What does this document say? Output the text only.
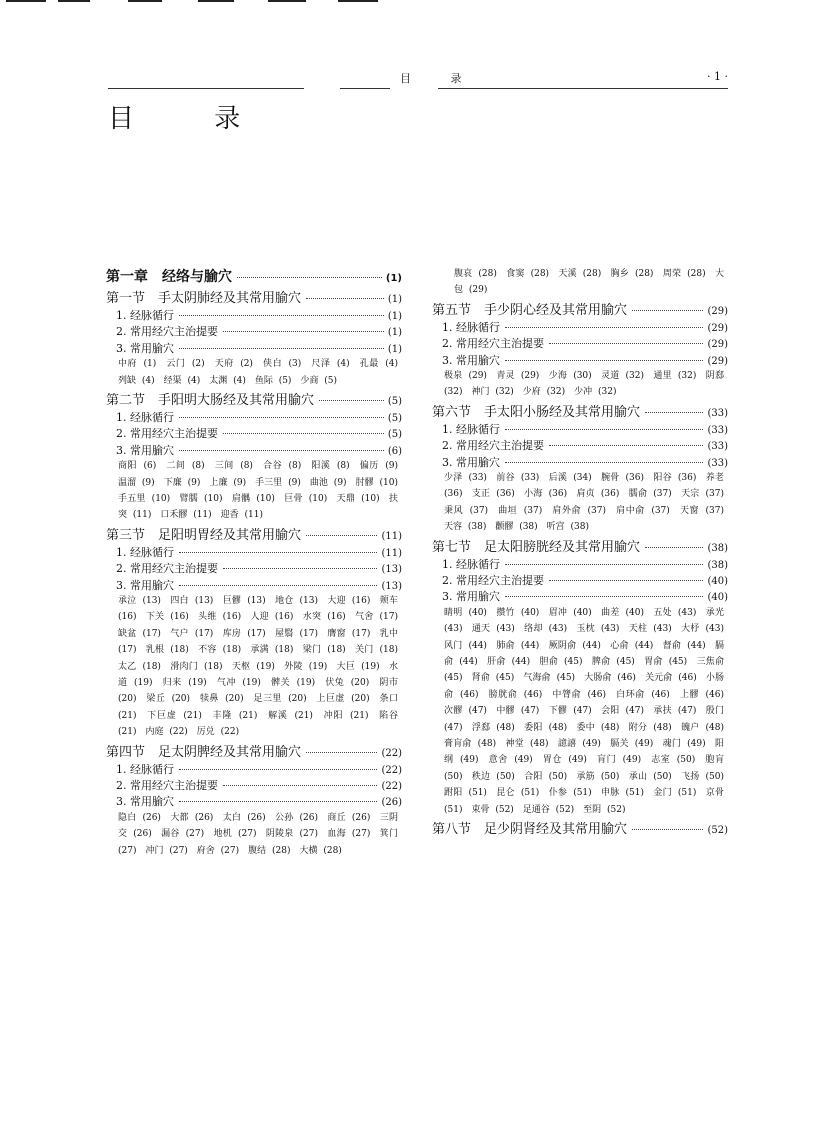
目 录	· 1 ·
目 录
第一章　经络与腧穴	(1)
第一节　手太阴肺经及其常用腧穴	(1)
1. 经脉循行	(1)
2. 常用经穴主治提要	(1)
3. 常用腧穴	(1)
中府 (1)　云门 (2)　天府 (2)　侠白 (3)　尺泽 (4)　孔最 (4)　列缺 (4)　经渠 (4)　太渊 (4)　鱼际 (5)　少商 (5)
第二节　手阳明大肠经及其常用腧穴	(5)
1. 经脉循行	(5)
2. 常用经穴主治提要	(5)
3. 常用腧穴	(6)
商阳 (6)　二间 (8)　三间 (8)　合谷 (8)　阳溪 (8)　偏历 (9)　温溜 (9)　下廉 (9)　上廉 (9)　手三里 (9)　曲池 (9)　肘髎 (10)　手五里 (10)　臂臑 (10)　肩髃 (10)　巨骨 (10)　天鼎 (10)　扶突 (11)　口禾髎 (11)　迎香 (11)
第三节　足阳明胃经及其常用腧穴	(11)
1. 经脉循行	(11)
2. 常用经穴主治提要	(13)
3. 常用腧穴	(13)
承泣 (13)　四白 (13)　巨髎 (13)　地仓 (13)　大迎 (16)　颊车 (16)　下关 (16)　头维 (16)　人迎 (16)　水突 (16)　气舍 (17)　缺盆 (17)　气户 (17)　库房 (17)　屋翳 (17)　膺窗 (17)　乳中 (17)　乳根 (18)　不容 (18)　承满 (18)　梁门 (18)　关门 (18)　太乙 (18)　滑肉门 (18)　天枢 (19)　外陵 (19)　大巨 (19)　水道 (19)　归来 (19)　气冲 (19)　髀关 (19)　伏兔 (20)　阴市 (20)　梁丘 (20)　犊鼻 (20)　足三里 (20)　上巨虚 (20)　条口 (21)　下巨虚 (21)　丰隆 (21)　解溪 (21)　冲阳 (21)　陷谷 (21)　内庭 (22)　厉兑 (22)
第四节　足太阴脾经及其常用腧穴	(22)
1. 经脉循行	(22)
2. 常用经穴主治提要	(22)
3. 常用腧穴	(26)
隐白 (26)　大都 (26)　太白 (26)　公孙 (26)　商丘 (26)　三阴交 (26)　漏谷 (27)　地机 (27)　阴陵泉 (27)　血海 (27)　箕门 (27)　冲门 (27)　府舍 (27)　腹结 (28)　大横 (28)
腹哀 (28)　食窦 (28)　天溪 (28)　胸乡 (28)　周荣 (28)　大包 (29)
第五节　手少阴心经及其常用腧穴	(29)
1. 经脉循行	(29)
2. 常用经穴主治提要	(29)
3. 常用腧穴	(29)
极泉 (29)　青灵 (29)　少海 (30)　灵道 (32)　通里 (32)　阴郄 (32)　神门 (32)　少府 (32)　少冲 (32)
第六节　手太阳小肠经及其常用腧穴	(33)
1. 经脉循行	(33)
2. 常用经穴主治提要	(33)
3. 常用腧穴	(33)
少泽 (33)　前谷 (33)　后溪 (34)　腕骨 (36)　阳谷 (36)　养老 (36)　支正 (36)　小海 (36)　肩贞 (36)　臑俞 (37)　天宗 (37)　秉风 (37)　曲垣 (37)　肩外俞 (37)　肩中俞 (37)　天窗 (37)　天容 (38)　颧髎 (38)　听宫 (38)
第七节　足太阳膀胱经及其常用腧穴	(38)
1. 经脉循行	(38)
2. 常用经穴主治提要	(40)
3. 常用腧穴	(40)
睛明 (40)　攒竹 (40)　眉冲 (40)　曲差 (40)　五处 (43)　承光 (43)　通天 (43)　络却 (43)　玉枕 (43)　天柱 (43)　大杼 (43)　风门 (44)　肺俞 (44)　厥阴俞 (44)　心俞 (44)　督俞 (44)　膈俞 (44)　肝俞 (44)　胆俞 (45)　脾俞 (45)　胃俞 (45)　三焦俞 (45)　肾俞 (45)　气海俞 (45)　大肠俞 (46)　关元俞 (46)　小肠俞 (46)　膀胱俞 (46)　中膂俞 (46)　白环俞 (46)　上髎 (46)　次髎 (47)　中髎 (47)　下髎 (47)　会阳 (47)　承扶 (47)　殷门 (47)　浮郄 (48)　委阳 (48)　委中 (48)　附分 (48)　魄户 (48)　膏肓俞 (48)　神堂 (48)　譩譆 (49)　膈关 (49)　魂门 (49)　阳纲 (49)　意舍 (49)　胃仓 (49)　肓门 (49)　志室 (50)　胞肓 (50)　秩边 (50)　合阳 (50)　承筋 (50)　承山 (50)　飞扬 (50)　跗阳 (51)　昆仑 (51)　仆参 (51)　申脉 (51)　金门 (51)　京骨 (51)　束骨 (52)　足通谷 (52)　至阴 (52)
第八节　足少阴肾经及其常用腧穴	(52)
